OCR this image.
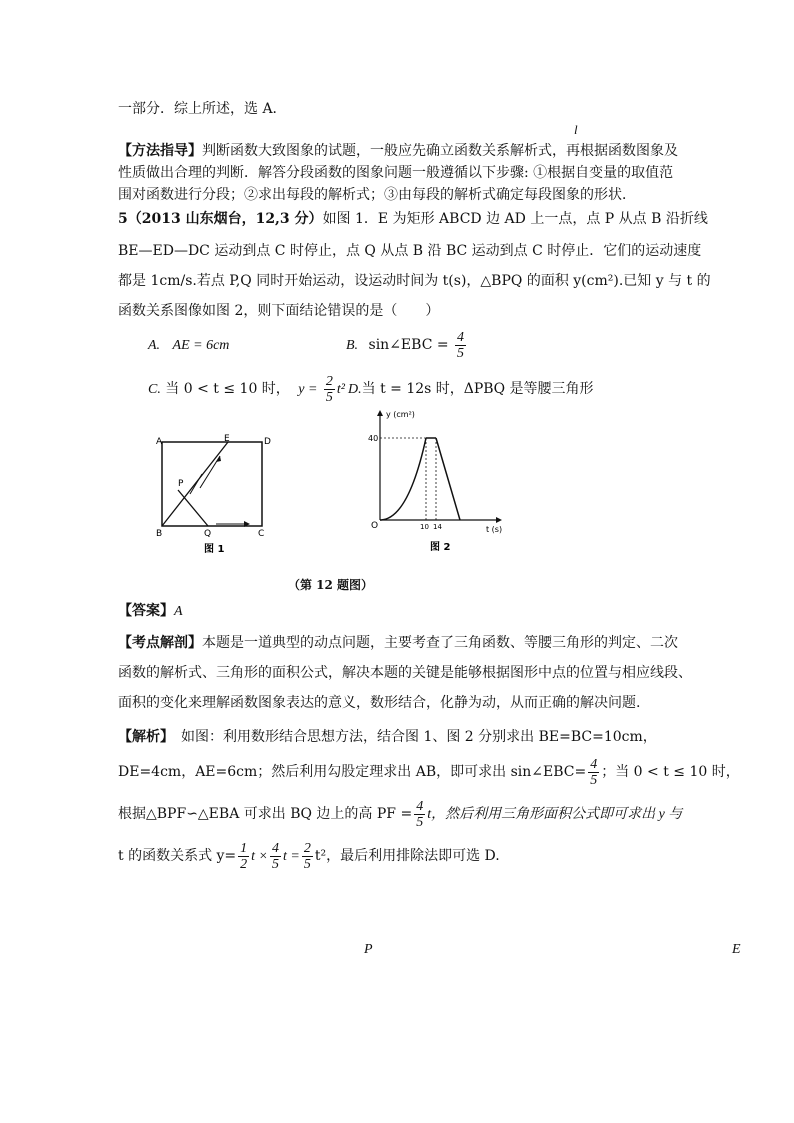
一部分．综上所述，选 A．
l
【方法指导】判断函数大致图象的试题，一般应先确立函数关系解析式，再根据函数图象及
性质做出合理的判断．解答分段函数的图象问题一般遵循以下步骤: ①根据自变量的取值范
围对函数进行分段；②求出每段的解析式；③由每段的解析式确定每段图象的形状．
5（2013 山东烟台，12,3 分）如图 1．E 为矩形 ABCD 边 AD 上一点，点 P 从点 B 沿折线
BE—ED—DC 运动到点 C 时停止，点 Q 从点 B 沿 BC 运动到点 C 时停止．它们的运动速度
都是 1cm/s.若点 P,Q 同时开始运动，设运动时间为 t(s)，△BPQ 的面积 y(cm²).已知 y 与 t 的
函数关系图像如图 2，则下面结论错误的是（　　）
A. AE = 6cm	B. sin∠EBC = $\frac{4}{5}$
C. 当 0 < t ≤ 10 时， $y = \frac{2}{5} t^2$ D.当 t = 12s 时，ΔPBQ 是等腰三角形
A	E	D
P
B	Q	C
图 1
y (cm²)
t (s)
40
10 14
O
图 2
（第 12 题图）
【答案】A
【考点解剖】本题是一道典型的动点问题，主要考查了三角函数、等腰三角形的判定、二次
函数的解析式、三角形的面积公式，解决本题的关键是能够根据图形中点的位置与相应线段、
面积的变化来理解函数图象表达的意义，数形结合，化静为动，从而正确的解决问题.
【解析】　如图：利用数形结合思想方法，结合图 1、图 2 分别求出 BE=BC=10cm，
DE=4cm，AE=6cm；然后利用勾股定理求出 AB，即可求出 sin∠EBC= $\frac{4}{5}$ ；当 0 < t ≤ 10 时，
根据△BPF∽△EBA 可求出 BQ 边上的高 PF = $\frac{4}{5}$ t，然后利用三角形面积公式即可求出 y 与
t 的函数关系式 $y= \frac{1}{2}$ $t \times \frac{4}{5}$ $t = \frac{2}{5} t^2$，最后利用排除法即可选 D.
P	E
